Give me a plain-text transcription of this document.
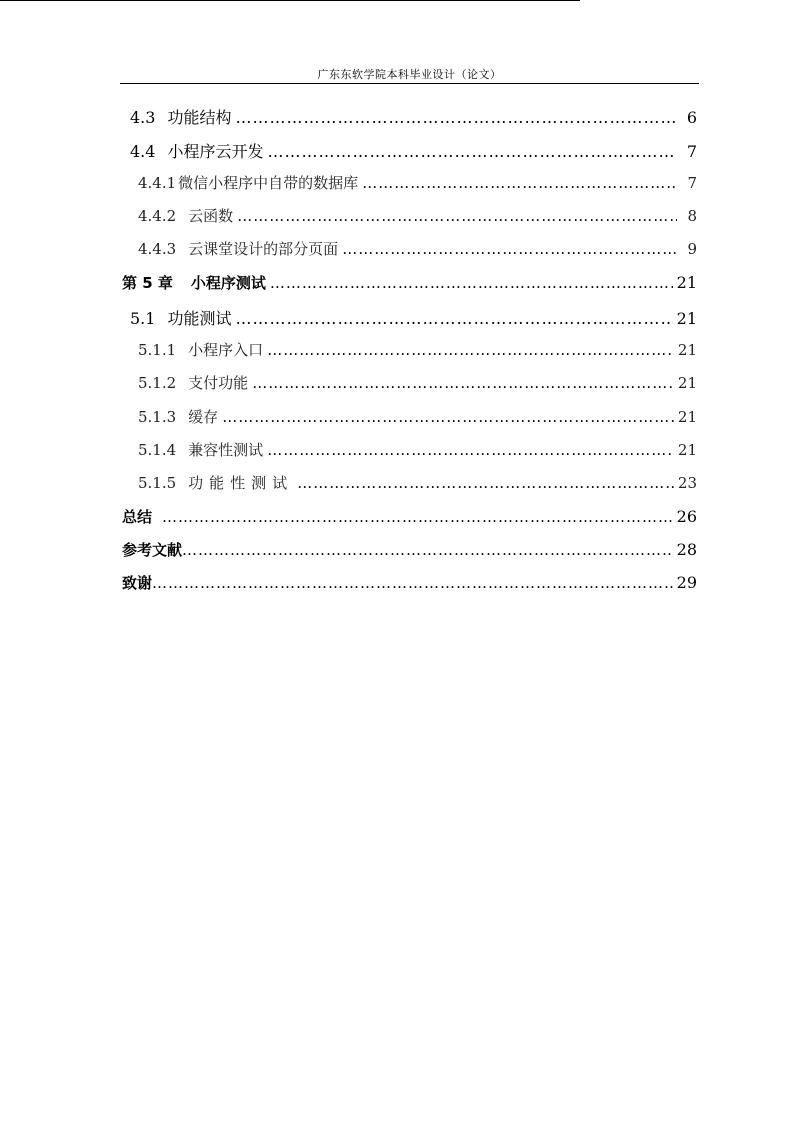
广东东软学院本科毕业设计（论文）
4.3 功能结构 ……………………………………………………………………………………………………………………	6
4.4 小程序云开发 ……………………………………………………………………………………………………………………	7
4.4.1 微信小程序中自带的数据库 ……………………………………………………………………………………………………………………	7
4.4.2 云函数 ……………………………………………………………………………………………………………………	8
4.4.3 云课堂设计的部分页面 ……………………………………………………………………………………………………………………	9
第 5 章 小程序测试 ……………………………………………………………………………………………………………………	21
5.1 功能测试 ……………………………………………………………………………………………………………………	21
5.1.1 小程序入口 ……………………………………………………………………………………………………………………	21
5.1.2 支付功能 ……………………………………………………………………………………………………………………	21
5.1.3 缓存 ……………………………………………………………………………………………………………………	21
5.1.4 兼容性测试 ……………………………………………………………………………………………………………………	21
5.1.5 功能性测试 ……………………………………………………………………………………………………………………	23
总结 ……………………………………………………………………………………………………………………	26
参考文献 ……………………………………………………………………………………………………………………	28
致谢 ……………………………………………………………………………………………………………………	29
